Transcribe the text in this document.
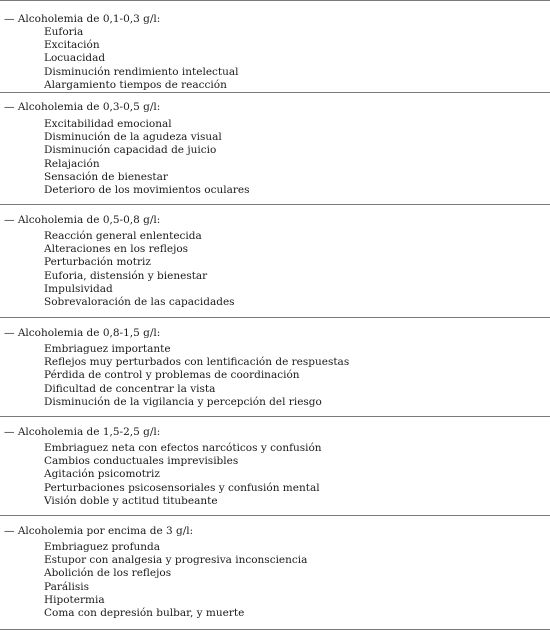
— Alcoholemia de 0,1-0,3 g/l:
Euforia
Excitación
Locuacidad
Disminución rendimiento intelectual
Alargamiento tiempos de reacción
— Alcoholemia de 0,3-0,5 g/l:
Excitabilidad emocional
Disminución de la agudeza visual
Disminución capacidad de juicio
Relajación
Sensación de bienestar
Deterioro de los movimientos oculares
— Alcoholemia de 0,5-0,8 g/l:
Reacción general enlentecida
Alteraciones en los reflejos
Perturbación motriz
Euforia, distensión y bienestar
Impulsividad
Sobrevaloración de las capacidades
— Alcoholemia de 0,8-1,5 g/l:
Embriaguez importante
Reflejos muy perturbados con lentificación de respuestas
Pérdida de control y problemas de coordinación
Dificultad de concentrar la vista
Disminución de la vigilancia y percepción del riesgo
— Alcoholemia de 1,5-2,5 g/l:
Embriaguez neta con efectos narcóticos y confusión
Cambios conductuales imprevisibles
Agitación psicomotriz
Perturbaciones psicosensoriales y confusión mental
Visión doble y actitud titubeante
— Alcoholemia por encima de 3 g/l:
Embriaguez profunda
Estupor con analgesia y progresiva inconsciencia
Abolición de los reflejos
Parálisis
Hipotermia
Coma con depresión bulbar, y muerte
